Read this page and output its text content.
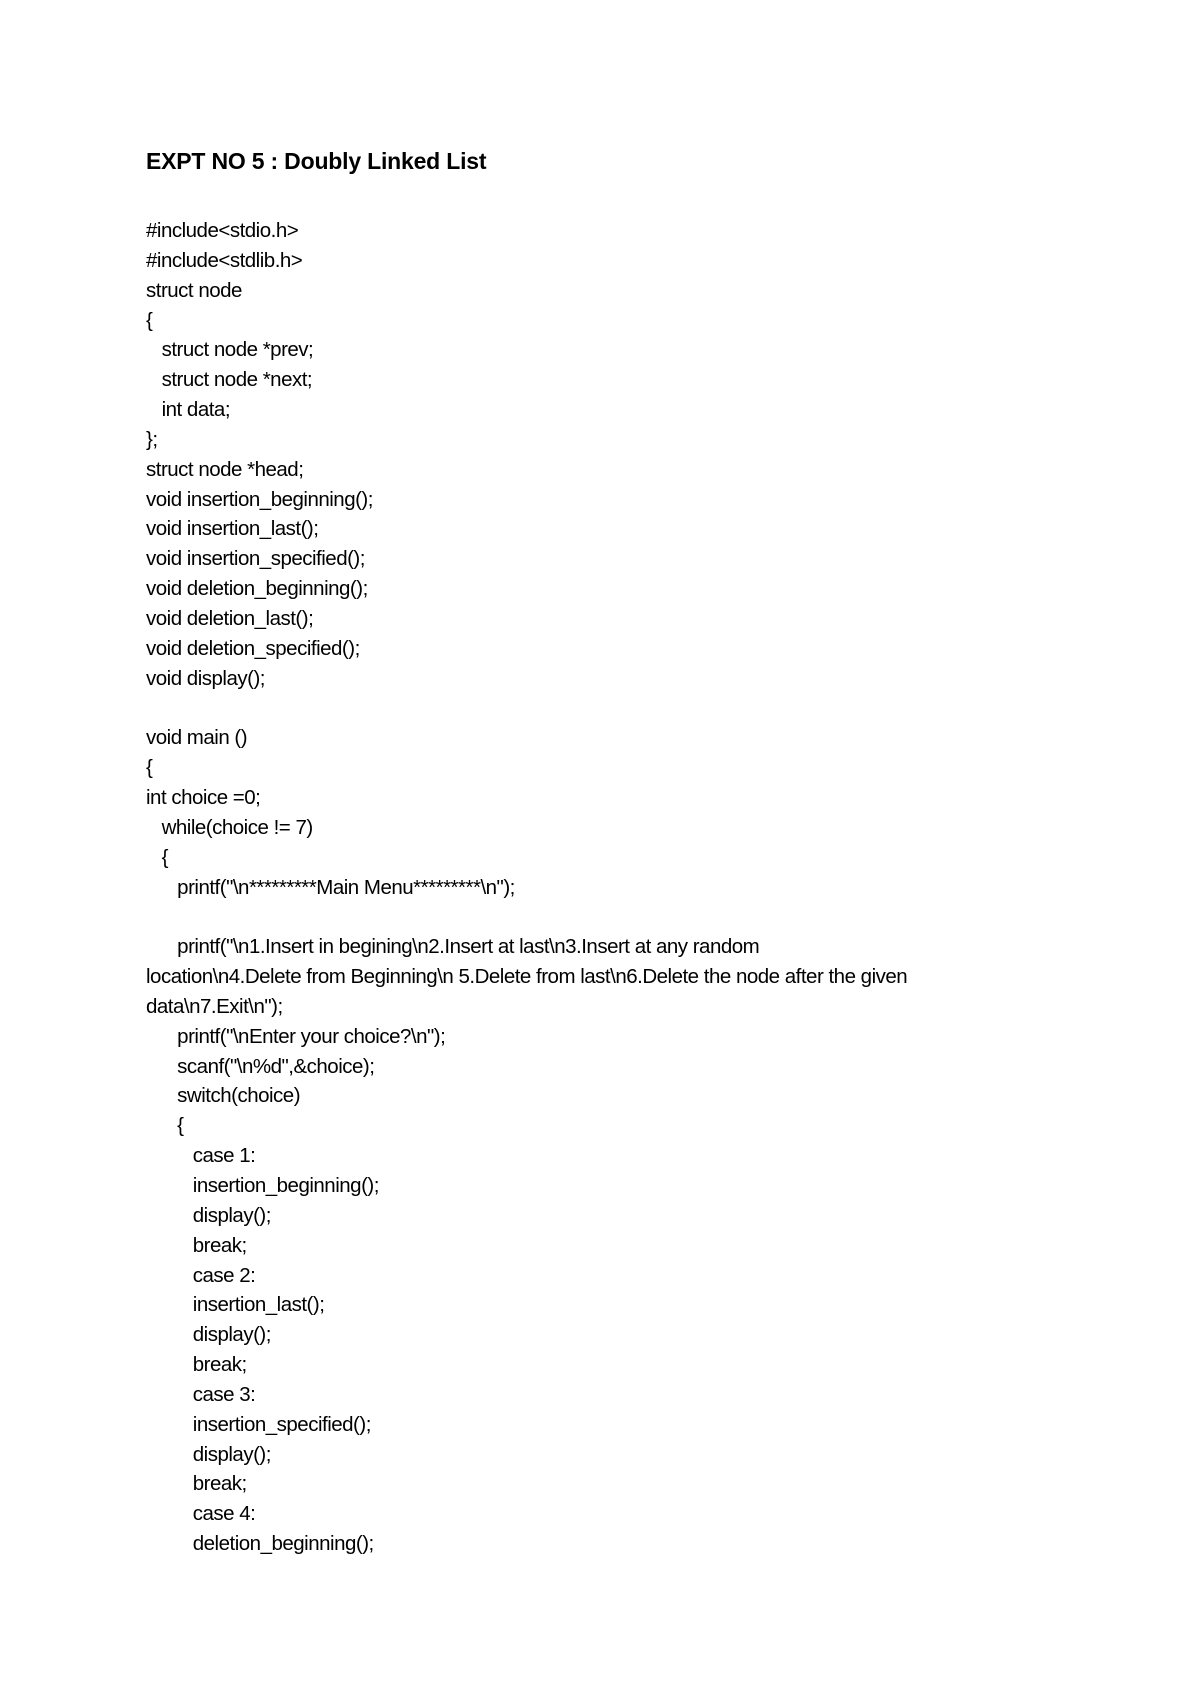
EXPT NO 5 : Doubly Linked List
#include<stdio.h>
#include<stdlib.h>
struct node
{
struct node *prev;
struct node *next;
int data;
};
struct node *head;
void insertion_beginning();
void insertion_last();
void insertion_specified();
void deletion_beginning();
void deletion_last();
void deletion_specified();
void display();
void main ()
{
int choice =0;
while(choice != 7)
{
printf("\n*********Main Menu*********\n");
printf("\n1.Insert in begining\n2.Insert at last\n3.Insert at any random
location\n4.Delete from Beginning\n 5.Delete from last\n6.Delete the node after the given
data\n7.Exit\n");
printf("\nEnter your choice?\n");
scanf("\n%d",&choice);
switch(choice)
{
case 1:
insertion_beginning();
display();
break;
case 2:
insertion_last();
display();
break;
case 3:
insertion_specified();
display();
break;
case 4:
deletion_beginning();
